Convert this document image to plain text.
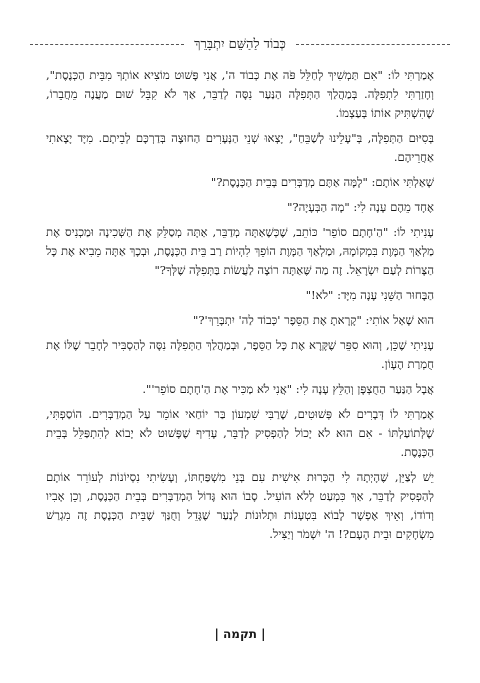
כְּבוֹד לַהַשֵּׁם יִתְבָּרֵךְ

אָמַרְתִּי לוֹ: "אִם תַּמְשִׁיךְ לְחַלֵּל פֹּה אֶת כְּבוֹד ה', אֲנִי פָּשׁוּט מוֹצִיא אוֹתְךָ מִבֵּית הַכְּנֶסֶת", וְחָזַרְתִּי לִתְפִלָּה. בְּמַהֲלַךְ הַתְּפִלָּה הַנַּעַר נִסָּה לְדַבֵּר, אַךְ לֹא קִבֵּל שׁוּם מַעֲנֶה מֵחֲבֵרוֹ, שֶׁהִשְׁתִּיק אוֹתוֹ בְּעַצְמוֹ.

בְּסִיּוּם הַתְּפִלָּה, בְּ"עָלֵינוּ לְשַׁבֵּחַ", יָצְאוּ שְׁנֵי הַנְּעָרִים הַחוּצָה בְּדַרְכָּם לְבֵיתָם. מִיָּד יָצָאתִי אַחֲרֵיהֶם.

שָׁאַלְתִּי אוֹתָם: "לָמָּה אַתֶּם מְדַבְּרִים בְּבֵית הַכְּנֶסֶת?"

אֶחָד מֵהֶם עָנָה לִי: "מָה הַבְּעָיָה?"

עָנִיתִי לוֹ: "הַ'חָתָם סוֹפֵר' כּוֹתֵב, שֶׁכְּשֶׁאַתָּה מְדַבֵּר, אַתָּה מְסַלֵּק אֶת הַשְּׁכִינָה וּמַכְנִיס אֶת מַלְאַךְ הַמָּוֶת בִּמְקוֹמָהּ, וּמַלְאַךְ הַמָּוֶת הוֹפֵךְ לִהְיוֹת רַב בֵּית הַכְּנֶסֶת, וּבְכָךְ אַתָּה מֵבִיא אֶת כָּל הַצָּרוֹת לְעַם יִשְׂרָאֵל. זֶה מַה שֶּׁאַתָּה רוֹצֶה לַעֲשׂוֹת בַּתְּפִלָּה שֶׁלְּךָ?"

הַבָּחוּר הַשֵּׁנִי עָנָה מִיָּד: "לֹא!"

הוּא שָׁאַל אוֹתִי: "קָרָאתָ אֶת הַסֵּפֶר 'כְּבוֹד לַה' יִתְבָּרֵךְ'?"

עָנִיתִי שֶׁכֵּן, וְהוּא סִפֵּר שֶׁקָּרָא אֶת כָּל הַסֵּפֶר, וּבְמַהֲלַךְ הַתְּפִלָּה נִסָּה לְהַסְבִּיר לְחָבֵר שֶׁלּוֹ אֶת חֻמְרַת הֶעָוֹן.

אֲבָל הַנַּעַר הַחֻצְפָּן וְהַלֵּץ עָנָה לִי: "אֲנִי לֹא מַכִּיר אֶת הַ'חָתָם סוֹפֵר'".

אָמַרְתִּי לוֹ דְּבָרִים לֹא פְּשׁוּטִים, שֶׁרַבִּי שִׁמְעוֹן בַּר יוֹחַאי אוֹמֵר עַל הַמְדַבְּרִים. הוֹסַפְתִּי, שֶׁלְּתוֹעַלְתּוֹ - אִם הוּא לֹא יָכוֹל לְהַפְסִיק לְדַבֵּר, עָדִיף שֶׁפָּשׁוּט לֹא יָבוֹא לְהִתְפַּלֵּל בְּבֵית הַכְּנֶסֶת.

יֵשׁ לְצַיֵּן, שֶׁהָיְתָה לִי הַכָּרוּת אִישִׁית עִם בְּנֵי מִשְׁפַּחְתּוֹ, וְעָשִׂיתִי נִסְיוֹנוֹת לְעוֹרֵר אוֹתָם לְהַפְסִיק לְדַבֵּר, אַךְ כִּמְעַט לְלֹא הוֹעִיל. סָבוֹ הוּא גָּדוֹל הַמְדַבְּרִים בְּבֵית הַכְּנֶסֶת, וְכֵן אָבִיו וְדוֹדוֹ, וְאֵיךְ אֶפְשָׁר לָבוֹא בִּטְעָנוֹת וּתְלוּנוֹת לְנַעַר שֶׁגָּדֵל וְחֻנַּךְ שֶׁבֵּית הַכְּנֶסֶת זֶה מִגְרַשׁ מִשְׂחָקִים וּבֵית הָעָם?! ה' יִשְׁמֹר וְיַצִּיל.

| תקמה |
